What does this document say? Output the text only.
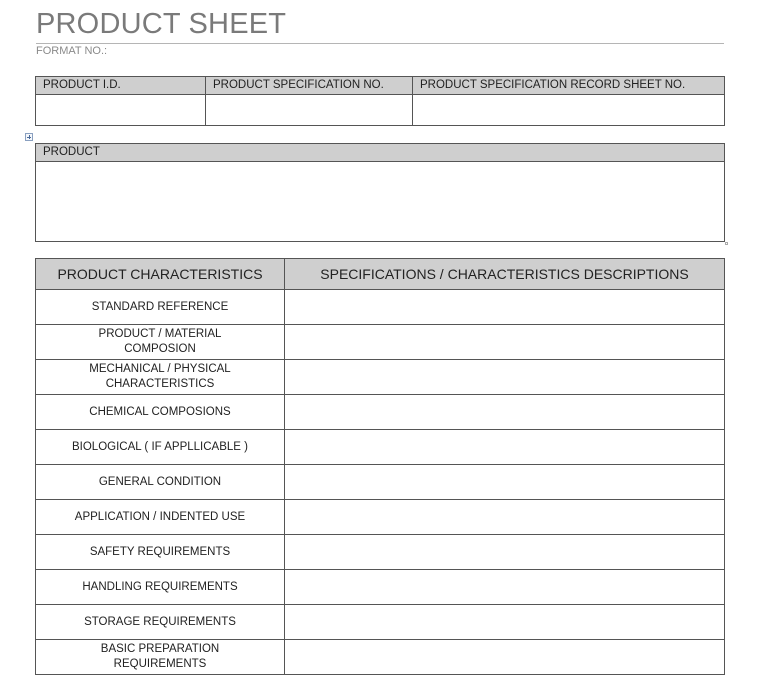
PRODUCT SHEET
FORMAT NO.:
PRODUCT I.D.	PRODUCT SPECIFICATION NO.	PRODUCT SPECIFICATION RECORD SHEET NO.
PRODUCT
PRODUCT CHARACTERISTICS	SPECIFICATIONS / CHARACTERISTICS DESCRIPTIONS
STANDARD REFERENCE	
PRODUCT / MATERIAL COMPOSION	
MECHANICAL / PHYSICAL CHARACTERISTICS	
CHEMICAL COMPOSIONS	
BIOLOGICAL ( IF APPLLICABLE )	
GENERAL CONDITION	
APPLICATION / INDENTED USE	
SAFETY REQUIREMENTS	
HANDLING REQUIREMENTS	
STORAGE REQUIREMENTS	
BASIC PREPARATION REQUIREMENTS	
